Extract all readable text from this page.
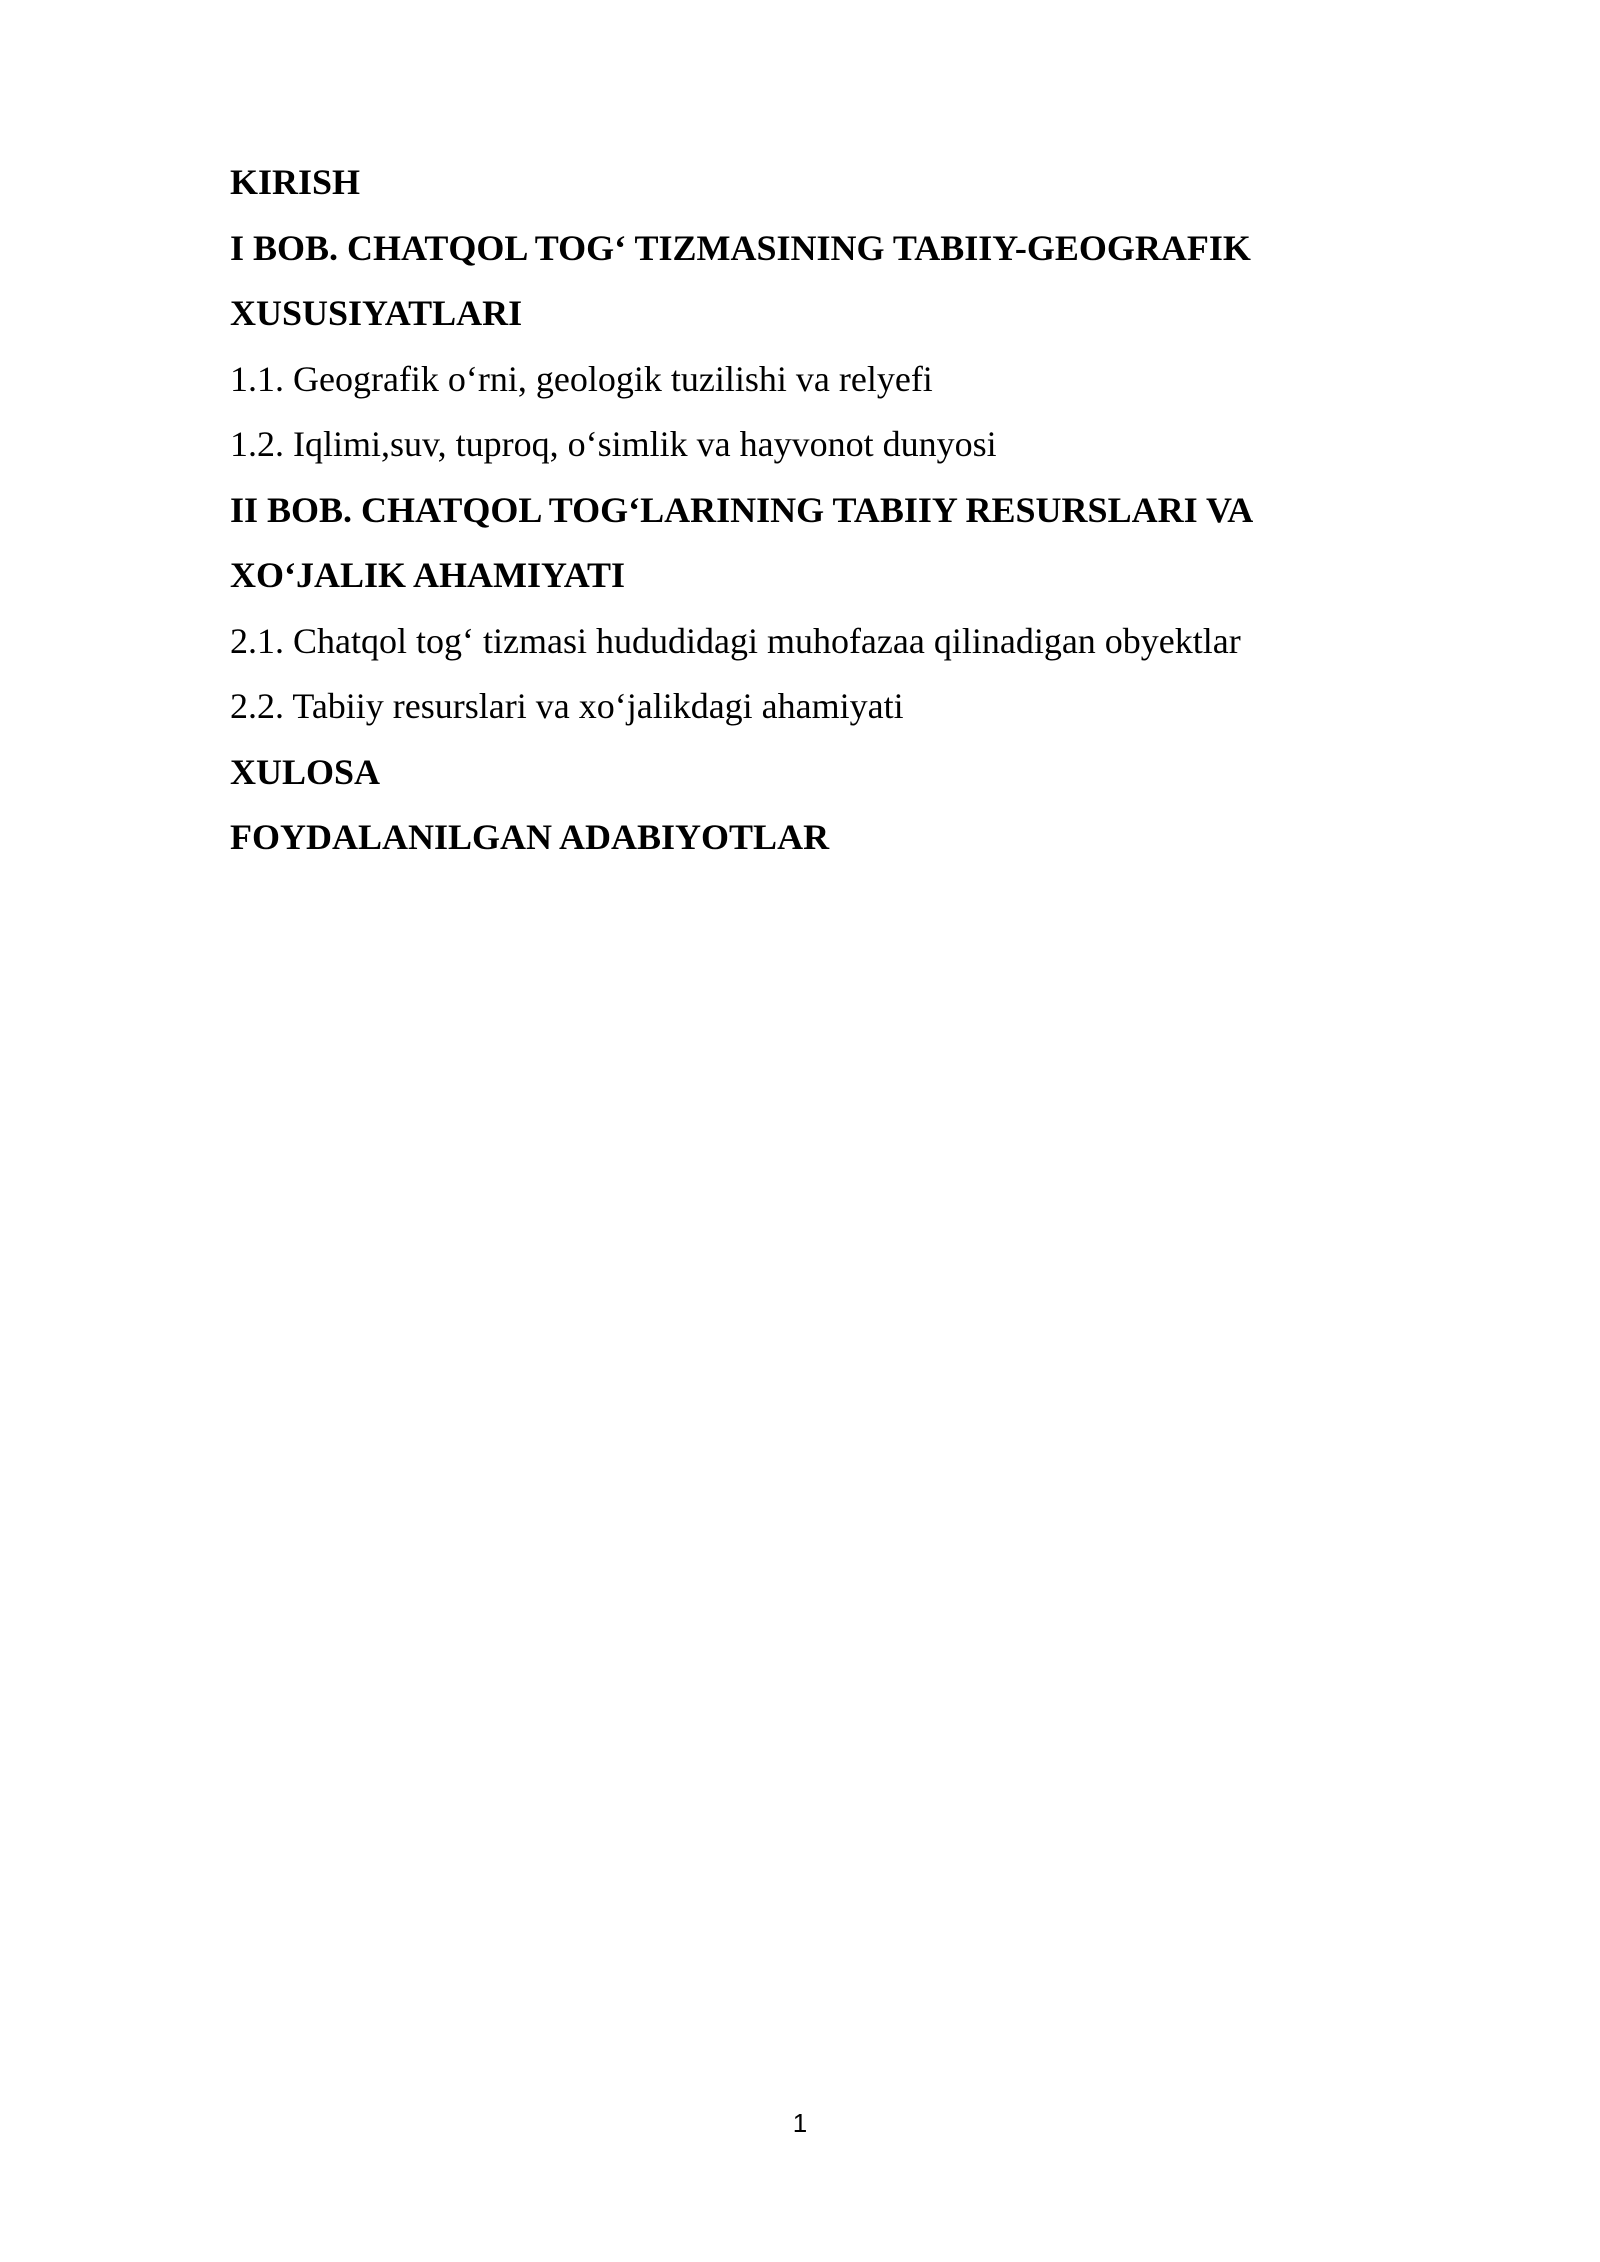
KIRISH

I BOB. CHATQOL TOG‘ TIZMASINING TABIIY-GEOGRAFIK

XUSUSIYATLARI

1.1. Geografik o‘rni, geologik tuzilishi va relyefi

1.2. Iqlimi,suv, tuproq, o‘simlik va hayvonot dunyosi

II BOB. CHATQOL TOG‘LARINING TABIIY RESURSLARI VA

XO‘JALIK AHAMIYATI

2.1. Chatqol tog‘ tizmasi hududidagi muhofazaa qilinadigan obyektlar

2.2. Tabiiy resurslari va xo‘jalikdagi ahamiyati

XULOSA

FOYDALANILGAN ADABIYOTLAR

1
